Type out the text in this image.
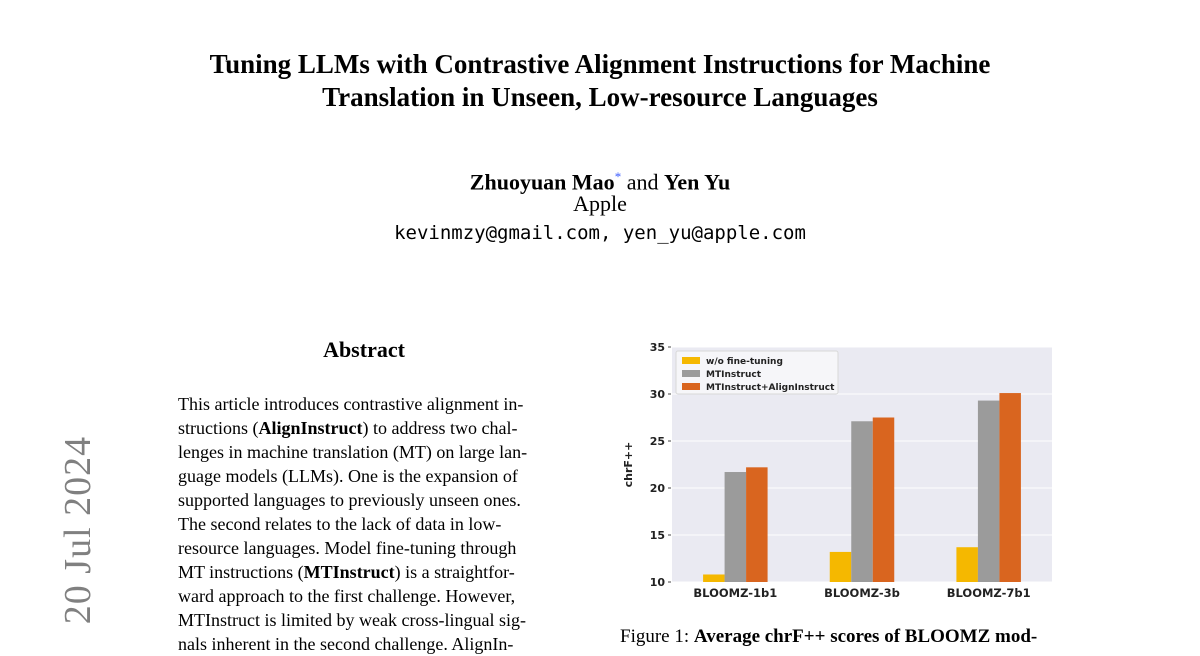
Tuning LLMs with Contrastive Alignment Instructions for Machine
Translation in Unseen, Low-resource Languages
Zhuoyuan Mao* and Yen Yu
Apple
kevinmzy@gmail.com, yen_yu@apple.com
20 Jul 2024
Abstract
This article introduces contrastive alignment in-
structions (AlignInstruct) to address two chal-
lenges in machine translation (MT) on large lan-
guage models (LLMs). One is the expansion of
supported languages to previously unseen ones.
The second relates to the lack of data in low-
resource languages. Model fine-tuning through
MT instructions (MTInstruct) is a straightfor-
ward approach to the first challenge. However,
MTInstruct is limited by weak cross-lingual sig-
nals inherent in the second challenge. AlignIn-
10
15
20
25
30
35
chrF++
BLOOMZ-1b1	BLOOMZ-3b	BLOOMZ-7b1
w/o fine-tuning
MTInstruct
MTInstruct+AlignInstruct
Figure 1: Average chrF++ scores of BLOOMZ mod-
